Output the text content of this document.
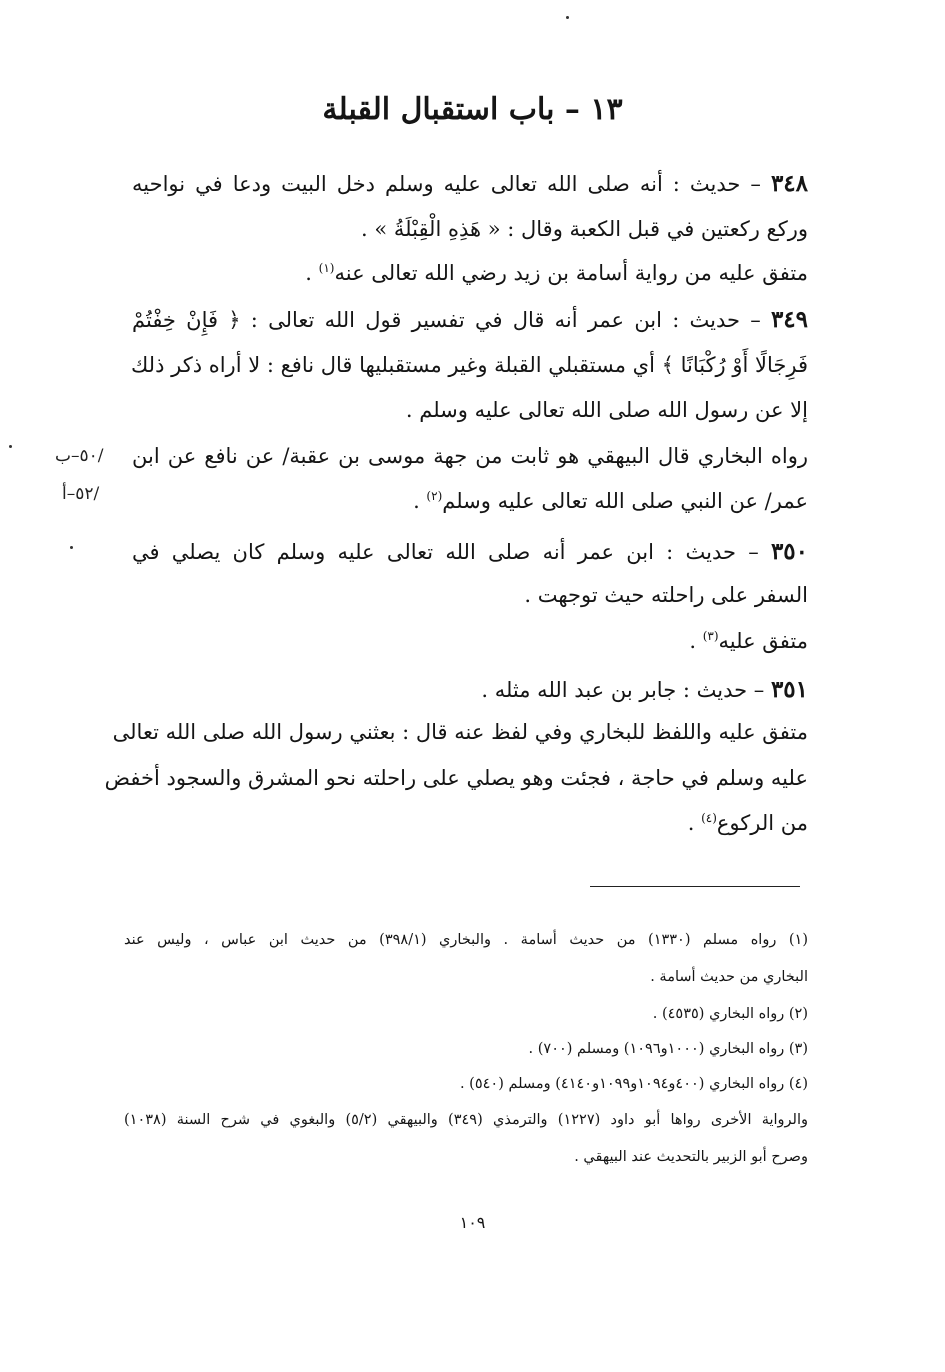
١٣ – باب استقبال القبلة
٣٤٨ – حديث : أنه صلى الله تعالى عليه وسلم دخل البيت ودعا في نواحيه
وركع ركعتين في قبل الكعبة وقال : « هَذِهِ الْقِبْلَةُ » .
متفق عليه من رواية أسامة بن زيد رضي الله تعالى عنه$^{(١)}$ .
٣٤٩ – حديث : ابن عمر أنه قال في تفسير قول الله تعالى : ﴿ فَإِنْ خِفْتُمْ
فَرِجَالًا أَوْ رُكْبَانًا ﴾ أي مستقبلي القبلة وغير مستقبليها قال نافع : لا أراه ذكر ذلك
إلا عن رسول الله صلى الله تعالى عليه وسلم .
رواه البخاري قال البيهقي هو ثابت من جهة موسى بن عقبة/ عن نافع عن ابن
عمر/ عن النبي صلى الله تعالى عليه وسلم$^{(٢)}$ .
/٥٠–ب
/٥٢–أ
٣٥٠ – حديث : ابن عمر أنه صلى الله تعالى عليه وسلم كان يصلي في
السفر على راحلته حيث توجهت .
متفق عليه$^{(٣)}$ .
٣٥١ – حديث : جابر بن عبد الله مثله .
متفق عليه واللفظ للبخاري وفي لفظ عنه قال : بعثني رسول الله صلى الله تعالى
عليه وسلم في حاجة ، فجئت وهو يصلي على راحلته نحو المشرق والسجود أخفض
من الركوع$^{(٤)}$ .
(١) رواه مسلم (١٣٣٠) من حديث أسامة . والبخاري (٣٩٨/١) من حديث ابن عباس ، وليس عند
البخاري من حديث أسامة .
(٢) رواه البخاري (٤٥٣٥) .
(٣) رواه البخاري (١٠٠٠و١٠٩٦) ومسلم (٧٠٠) .
(٤) رواه البخاري (٤٠٠و١٠٩٤و١٠٩٩و٤١٤٠) ومسلم (٥٤٠) .
والرواية الأخرى رواها أبو داود (١٢٢٧) والترمذي (٣٤٩) والبيهقي (٥/٢) والبغوي في شرح السنة (١٠٣٨)
وصرح أبو الزبير بالتحديث عند البيهقي .
١٠٩
